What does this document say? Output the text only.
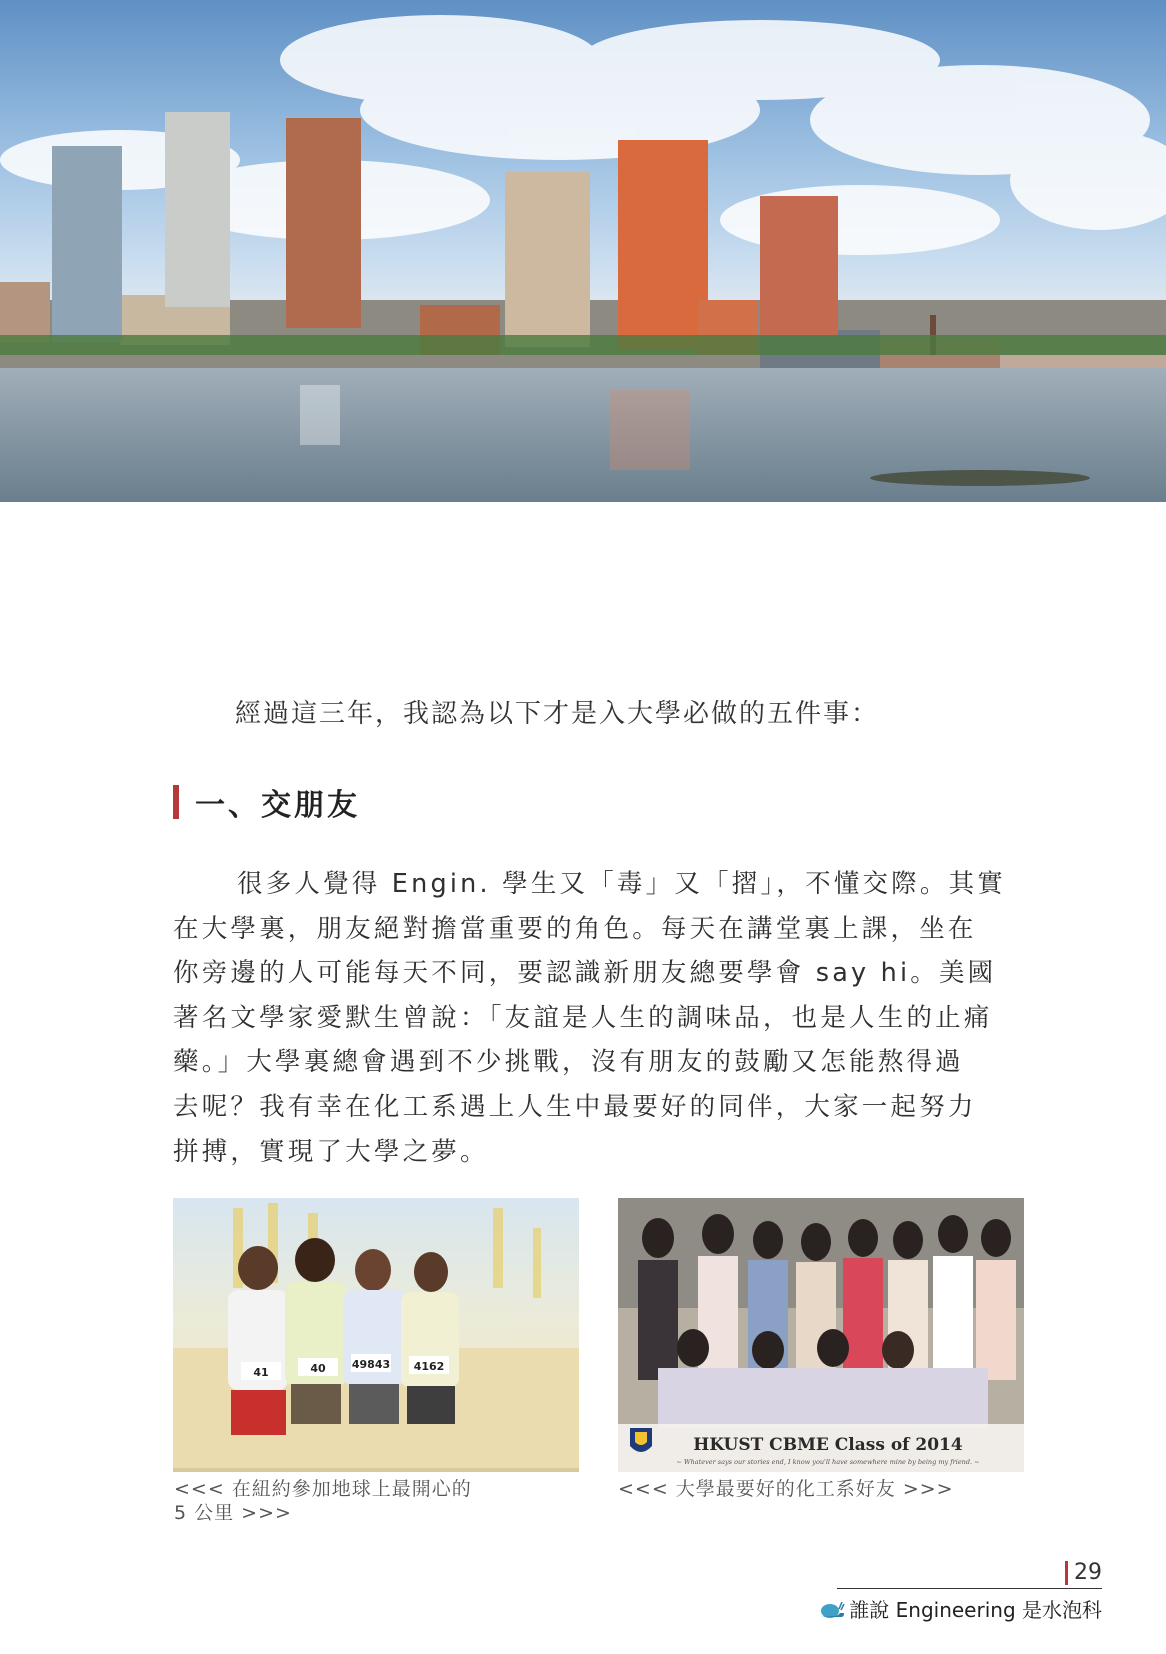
經過這三年，我認為以下才是入大學必做的五件事：
一、交朋友
很多人覺得 Engin. 學生又「毒」又「摺」，不懂交際。其實
在大學裏，朋友絕對擔當重要的角色。每天在講堂裏上課，坐在
你旁邊的人可能每天不同，要認識新朋友總要學會 say hi。美國
著名文學家愛默生曾說：「友誼是人生的調味品，也是人生的止痛
藥。」大學裏總會遇到不少挑戰，沒有朋友的鼓勵又怎能熬得過
去呢？我有幸在化工系遇上人生中最要好的同伴，大家一起努力
拼搏，實現了大學之夢。
41	40 49843 4162
HKUST CBME Class of 2014
~ Whatever says our stories end, I know you'll have somewhere mine by being my friend. ~
<<< 在紐約參加地球上最開心的
5 公里 >>>
<<< 大學最要好的化工系好友 >>>
29
誰說 Engineering 是水泡科
